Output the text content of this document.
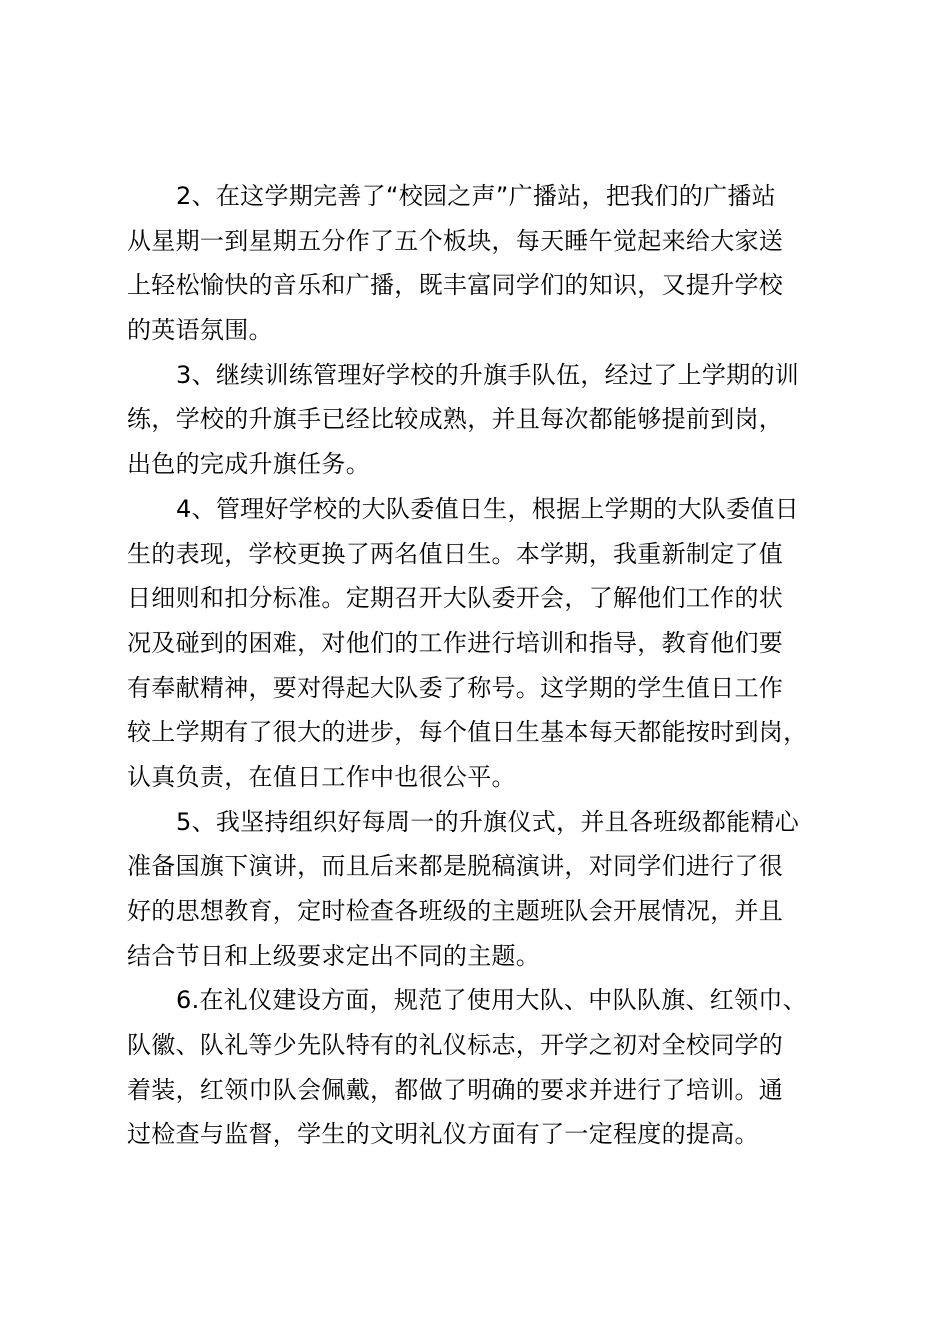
2、在这学期完善了“校园之声”广播站，把我们的广播站
从星期一到星期五分作了五个板块，每天睡午觉起来给大家送
上轻松愉快的音乐和广播，既丰富同学们的知识，又提升学校
的英语氛围。
3、继续训练管理好学校的升旗手队伍，经过了上学期的训
练，学校的升旗手已经比较成熟，并且每次都能够提前到岗，
出色的完成升旗任务。
4、管理好学校的大队委值日生，根据上学期的大队委值日
生的表现，学校更换了两名值日生。本学期，我重新制定了值
日细则和扣分标准。定期召开大队委开会，了解他们工作的状
况及碰到的困难，对他们的工作进行培训和指导，教育他们要
有奉献精神，要对得起大队委了称号。这学期的学生值日工作
较上学期有了很大的进步，每个值日生基本每天都能按时到岗，
认真负责，在值日工作中也很公平。
5、我坚持组织好每周一的升旗仪式，并且各班级都能精心
准备国旗下演讲，而且后来都是脱稿演讲，对同学们进行了很
好的思想教育，定时检查各班级的主题班队会开展情况，并且
结合节日和上级要求定出不同的主题。
6.在礼仪建设方面，规范了使用大队、中队队旗、红领巾、
队徽、队礼等少先队特有的礼仪标志，开学之初对全校同学的
着装，红领巾队会佩戴，都做了明确的要求并进行了培训。通
过检查与监督，学生的文明礼仪方面有了一定程度的提高。
